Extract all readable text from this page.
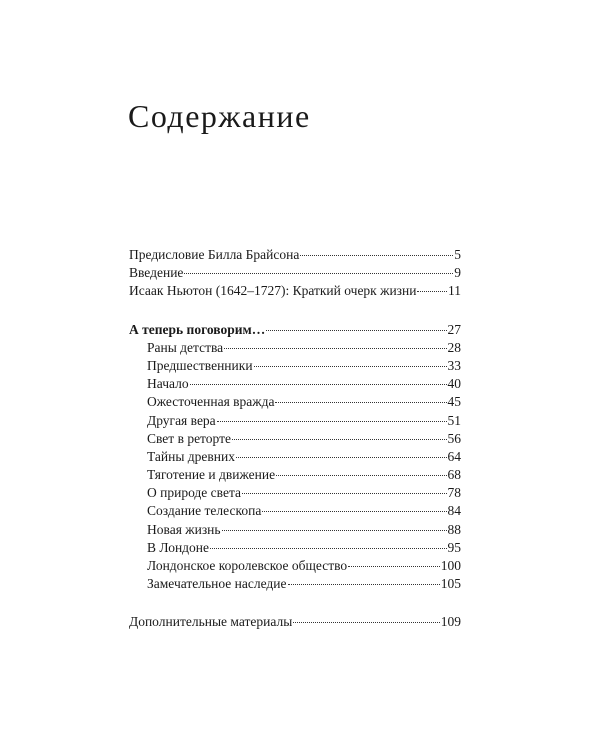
Содержание
Предисловие Билла Брайсона	5
Введение	9
Исаак Ньютон (1642–1727): Краткий очерк жизни 11
А теперь поговорим…	27
Раны детства	28
Предшественники	33
Начало	40
Ожесточенная вражда	45
Другая вера	51
Свет в реторте	56
Тайны древних	64
Тяготение и движение	68
О природе света	78
Создание телескопа	84
Новая жизнь	88
В Лондоне	95
Лондонское королевское общество	100
Замечательное наследие	105
Дополнительные материалы	109
